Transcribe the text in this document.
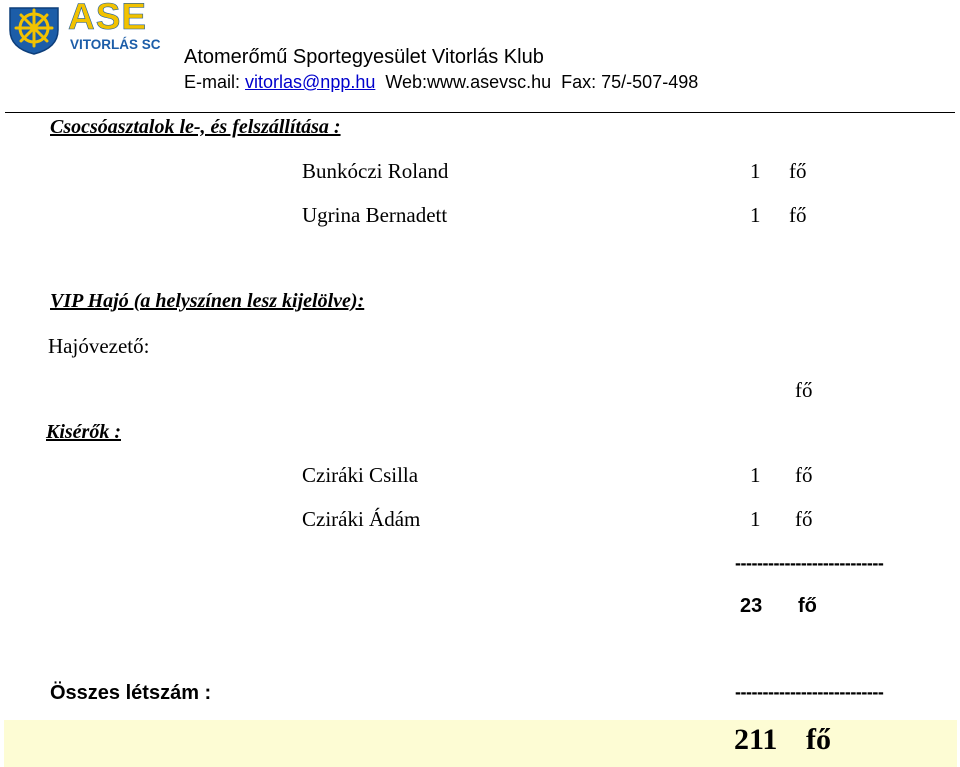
ASE
VITORLÁS SC
Atomerőmű Sportegyesület Vitorlás Klub
E-mail: vitorlas@npp.hu Web:www.asevsc.hu Fax: 75/-507-498
Csocsóasztalok le-, és felszállítása :
Bunkóczi Roland	1 fő
Ugrina Bernadett	1 fő
VIP Hajó (a helyszínen lesz kijelölve):
Hajóvezető:
fő
Kisérők :
Cziráki Csilla	1 fő
Cziráki Ádám	1 fő
---------------------------
23 fő
Összes létszám :	---------------------------
211 fő
